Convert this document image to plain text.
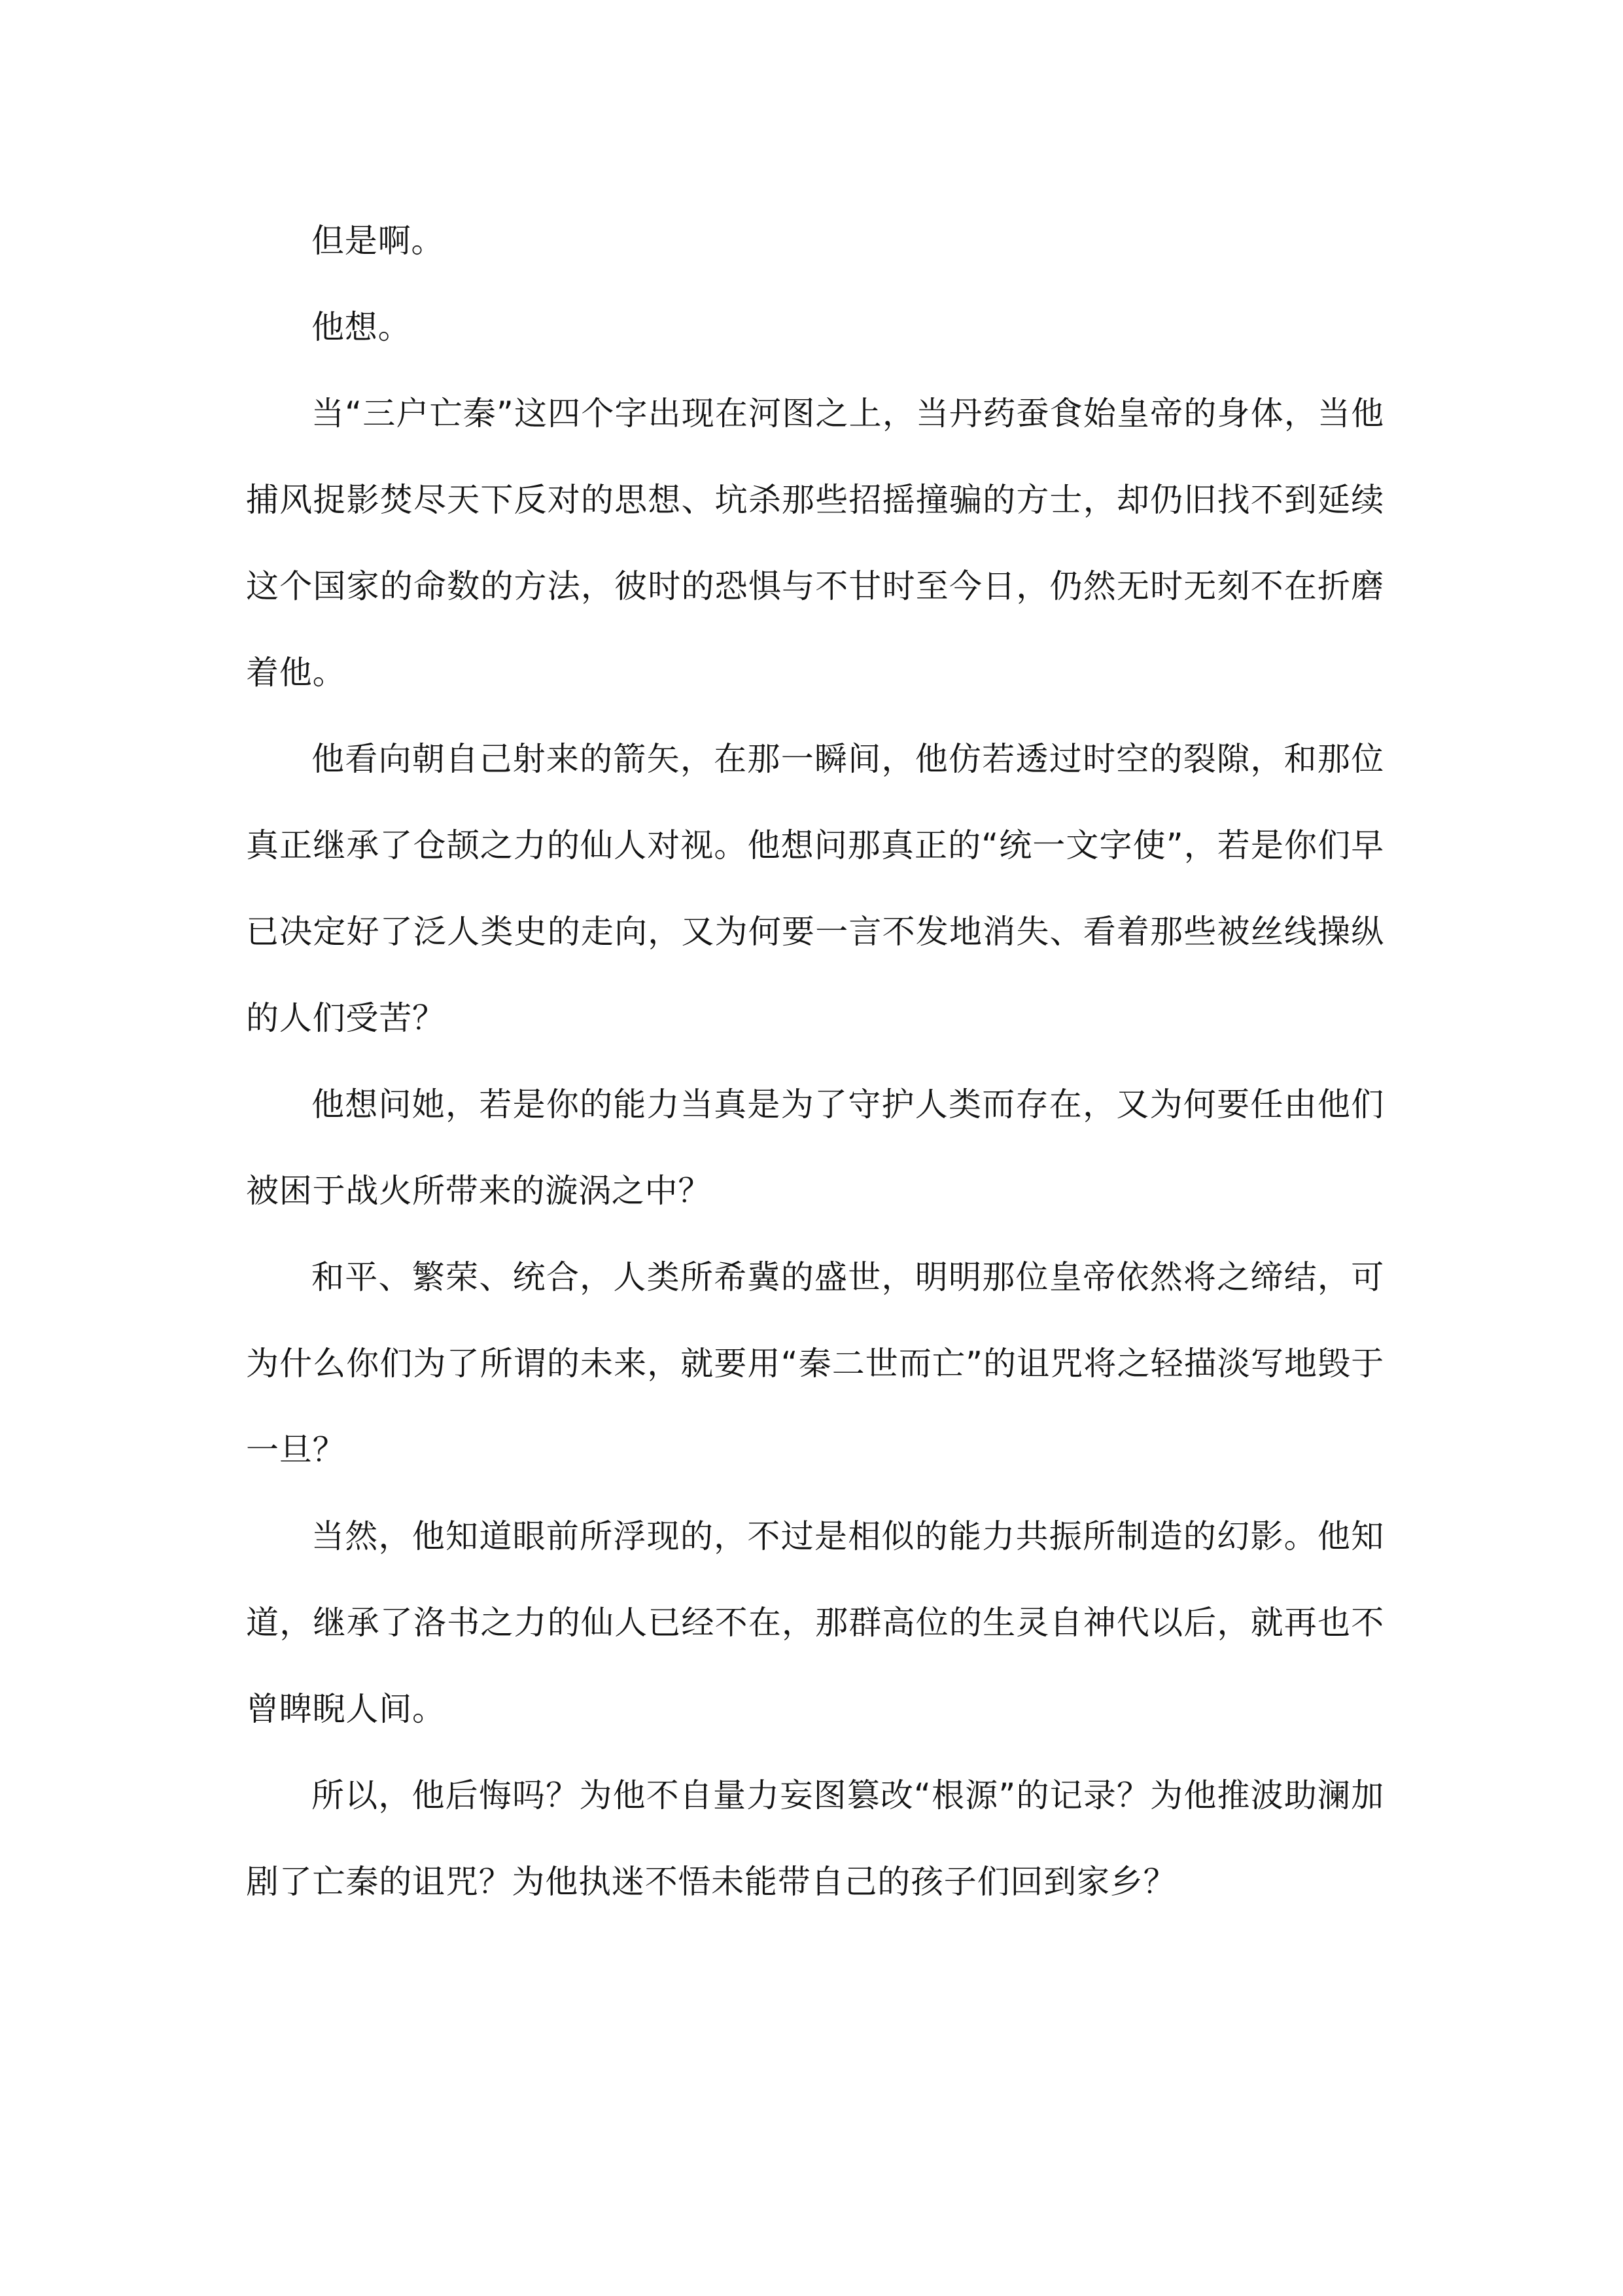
但是啊。

他想。

当“三户亡秦”这四个字出现在河图之上，当丹药蚕食始皇帝的身体，当他捕风捉影焚尽天下反对的思想、坑杀那些招摇撞骗的方士，却仍旧找不到延续这个国家的命数的方法，彼时的恐惧与不甘时至今日，仍然无时无刻不在折磨着他。

他看向朝自己射来的箭矢，在那一瞬间，他仿若透过时空的裂隙，和那位真正继承了仓颉之力的仙人对视。他想问那真正的“统一文字使”，若是你们早已决定好了泛人类史的走向，又为何要一言不发地消失、看着那些被丝线操纵的人们受苦？

他想问她，若是你的能力当真是为了守护人类而存在，又为何要任由他们被困于战火所带来的漩涡之中？

和平、繁荣、统合，人类所希冀的盛世，明明那位皇帝依然将之缔结，可为什么你们为了所谓的未来，就要用“秦二世而亡”的诅咒将之轻描淡写地毁于一旦？

当然，他知道眼前所浮现的，不过是相似的能力共振所制造的幻影。他知道，继承了洛书之力的仙人已经不在，那群高位的生灵自神代以后，就再也不曾睥睨人间。

所以，他后悔吗？为他不自量力妄图篡改“根源”的记录？为他推波助澜加剧了亡秦的诅咒？为他执迷不悟未能带自己的孩子们回到家乡？
